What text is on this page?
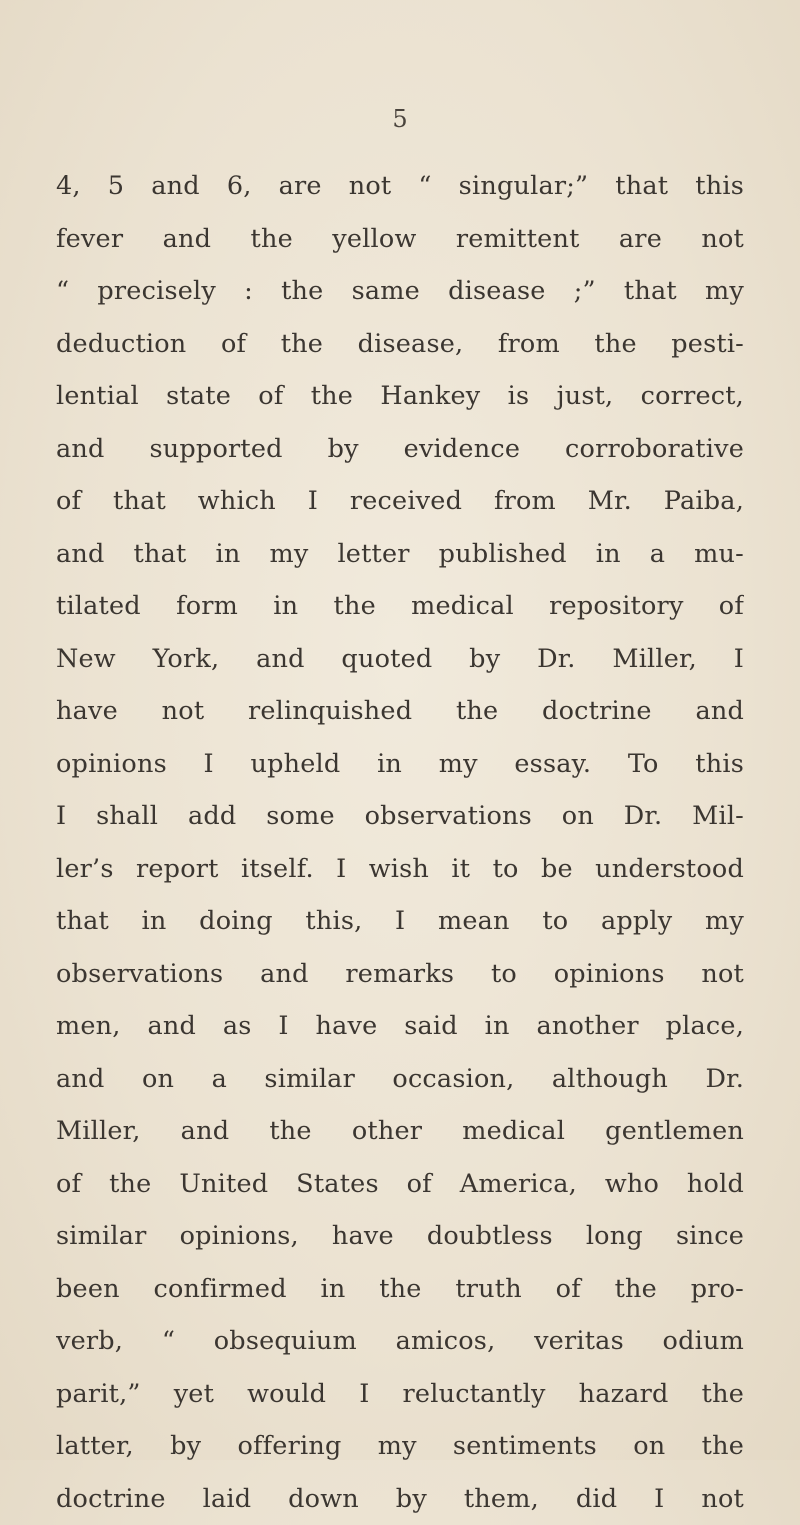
5
4, 5 and 6, are not “ singular;” that this
fever and the yellow remittent are not
“ precisely : the same disease ;” that my
deduction of the disease, from the pesti-
lential state of the Hankey is just, correct,
and supported by evidence corroborative
of that which I received from Mr. Paiba,
and that in my letter published in a mu-
tilated form in the medical repository of
New York, and quoted by Dr. Miller, I
have not relinquished the doctrine and
opinions I upheld in my essay. To this
I shall add some observations on Dr. Mil-
ler’s report itself. I wish it to be understood
that in doing this, I mean to apply my
observations and remarks to opinions not
men, and as I have said in another place,
and on a similar occasion, although Dr.
Miller, and the other medical gentlemen
of the United States of America, who hold
similar opinions, have doubtless long since
been confirmed in the truth of the pro-
verb, “ obsequium amicos, veritas odium
parit,” yet would I reluctantly hazard the
latter, by offering my sentiments on the
doctrine laid down by them, did I not
